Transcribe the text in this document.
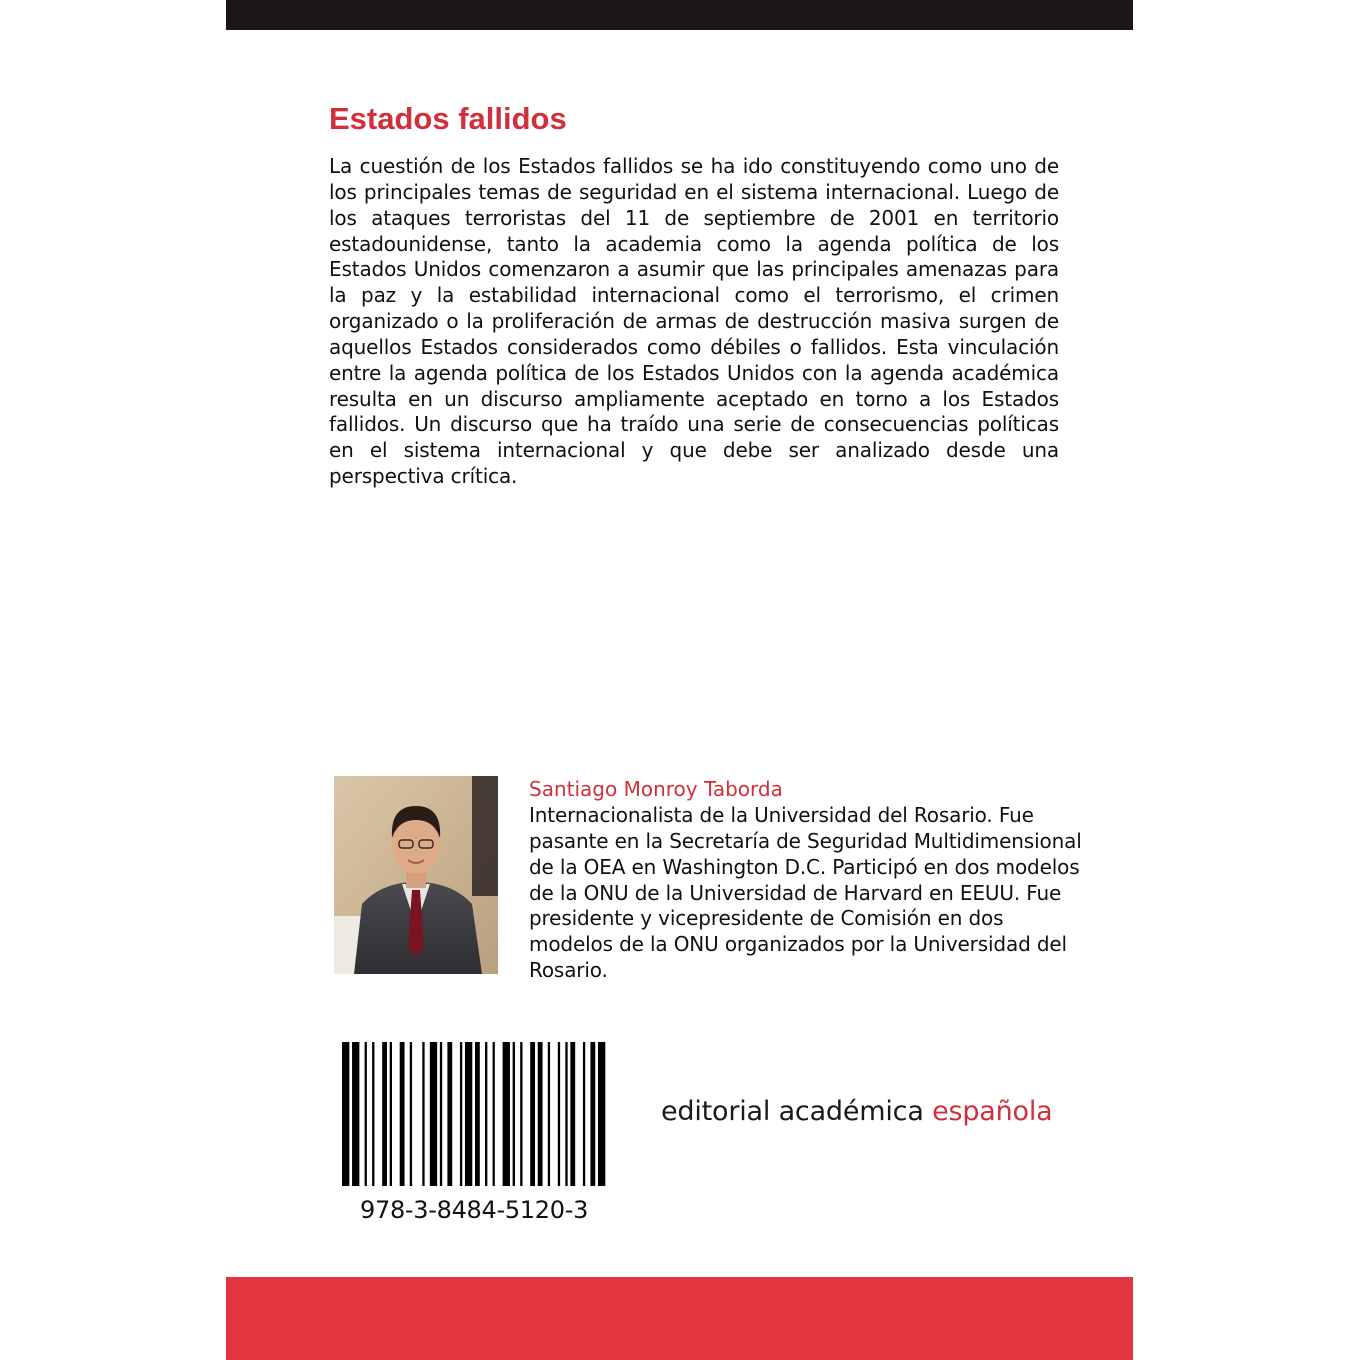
Estados fallidos

La cuestión de los Estados fallidos se ha ido constituyendo como uno de los principales temas de seguridad en el sistema internacional. Luego de los ataques terroristas del 11 de septiembre de 2001 en territorio estadounidense, tanto la academia como la agenda política de los Estados Unidos comenzaron a asumir que las principales amenazas para la paz y la estabilidad internacional como el terrorismo, el crimen organizado o la proliferación de armas de destrucción masiva surgen de aquellos Estados considerados como débiles o fallidos. Esta vinculación entre la agenda política de los Estados Unidos con la agenda académica resulta en un discurso ampliamente aceptado en torno a los Estados fallidos. Un discurso que ha traído una serie de consecuencias políticas en el sistema internacional y que debe ser analizado desde una perspectiva crítica.

Santiago Monroy Taborda

Internacionalista de la Universidad del Rosario. Fue pasante en la Secretaría de Seguridad Multidimensional de la OEA en Washington D.C. Participó en dos modelos de la ONU de la Universidad de Harvard en EEUU. Fue presidente y vicepresidente de Comisión en dos modelos de la ONU organizados por la Universidad del Rosario.

978-3-8484-5120-3
editorial académica española
